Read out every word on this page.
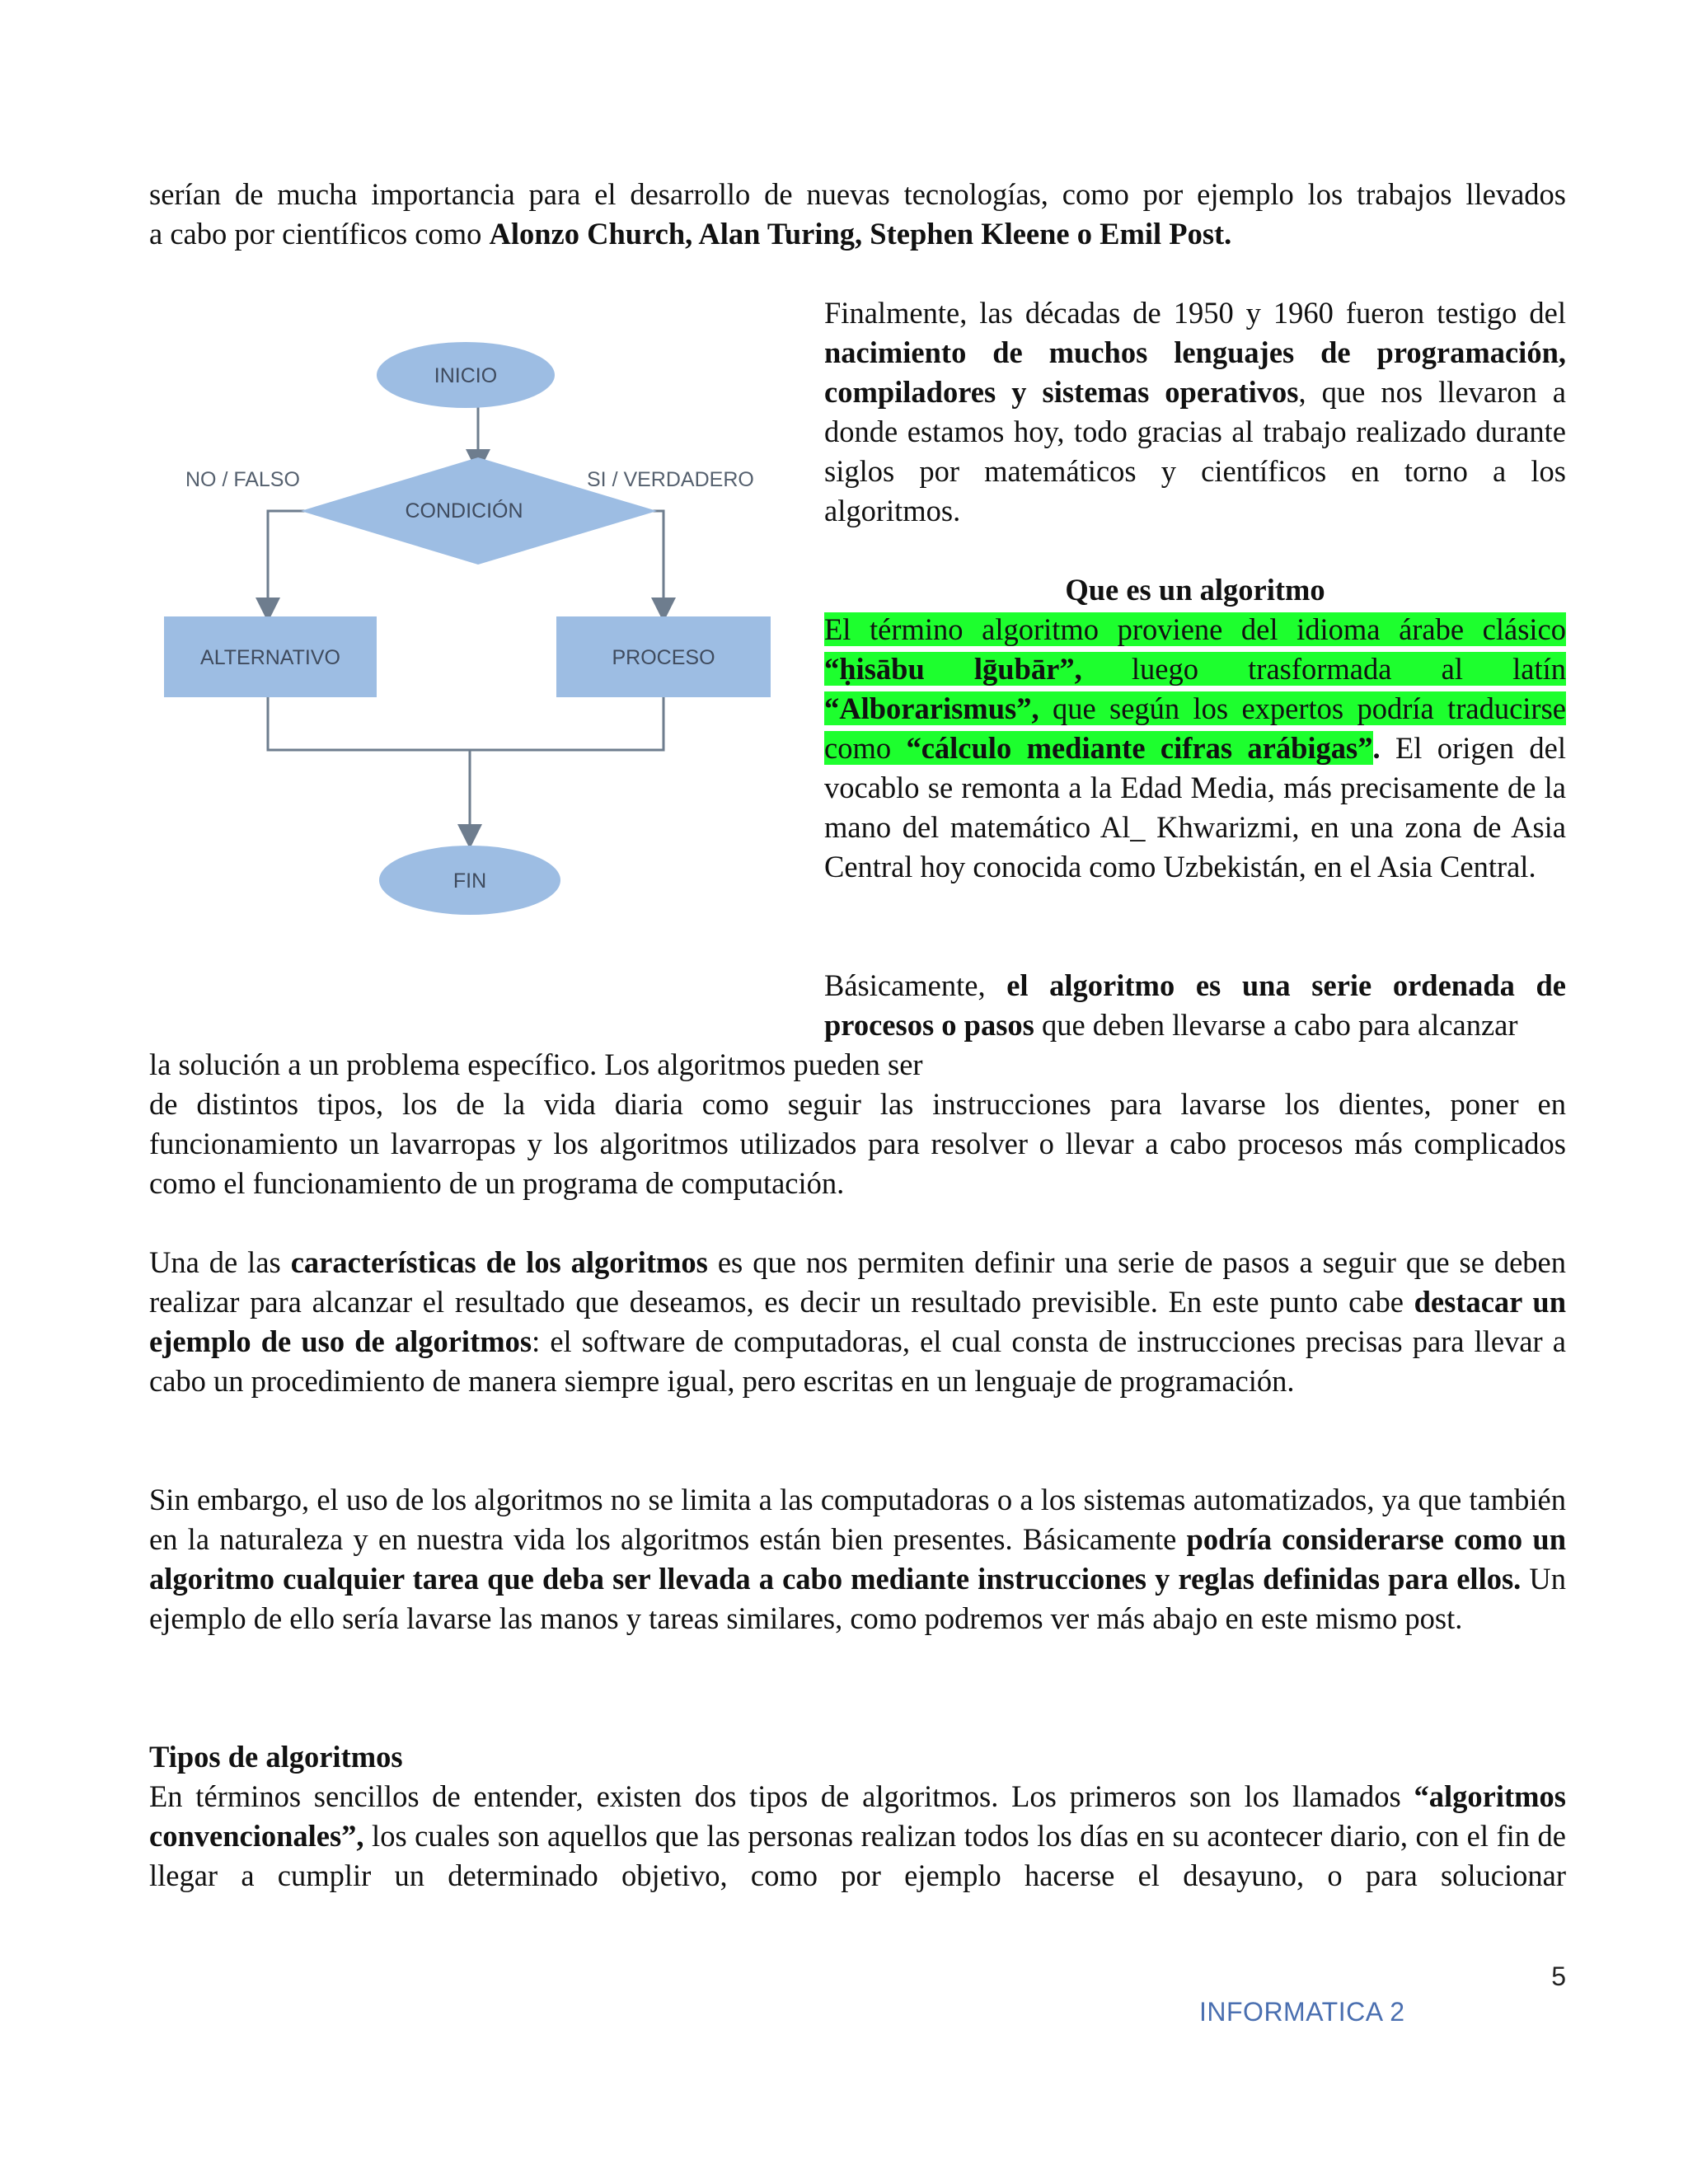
serían de mucha importancia para el desarrollo de nuevas tecnologías, como por ejemplo los trabajos llevados

a cabo por científicos como Alonzo Church, Alan Turing, Stephen Kleene o Emil Post.

INICIO
CONDICIÓN
NO / FALSO	SI / VERDADERO
ALTERNATIVO	PROCESO
FIN

Finalmente, las décadas de 1950 y 1960 fueron testigo del nacimiento de muchos lenguajes de programación, compiladores y sistemas operativos, que nos llevaron a donde estamos hoy, todo gracias al trabajo realizado durante siglos por matemáticos y científicos en torno a los algoritmos.

Que es un algoritmo

El término algoritmo proviene del idioma árabe clásico “ḥisābu lḡubār”, luego trasformada al latín “Alborarismus”, que según los expertos podría traducirse como “cálculo mediante cifras arábigas”. El origen del vocablo se remonta a la Edad Media, más precisamente de la mano del matemático Al_ Khwarizmi, en una zona de Asia Central hoy conocida como Uzbekistán, en el Asia Central.

Básicamente, el algoritmo es una serie ordenada de procesos o pasos que deben llevarse a cabo para alcanzar

la solución a un problema específico. Los algoritmos pueden ser

de distintos tipos, los de la vida diaria como seguir las instrucciones para lavarse los dientes, poner en funcionamiento un lavarropas y los algoritmos utilizados para resolver o llevar a cabo procesos más complicados como el funcionamiento de un programa de computación.

Una de las características de los algoritmos es que nos permiten definir una serie de pasos a seguir que se deben realizar para alcanzar el resultado que deseamos, es decir un resultado previsible. En este punto cabe destacar un ejemplo de uso de algoritmos: el software de computadoras, el cual consta de instrucciones precisas para llevar a cabo un procedimiento de manera siempre igual, pero escritas en un lenguaje de programación.

Sin embargo, el uso de los algoritmos no se limita a las computadoras o a los sistemas automatizados, ya que también en la naturaleza y en nuestra vida los algoritmos están bien presentes. Básicamente podría considerarse como un algoritmo cualquier tarea que deba ser llevada a cabo mediante instrucciones y reglas definidas para ellos. Un ejemplo de ello sería lavarse las manos y tareas similares, como podremos ver más abajo en este mismo post.

Tipos de algoritmos

En términos sencillos de entender, existen dos tipos de algoritmos. Los primeros son los llamados “algoritmos convencionales”, los cuales son aquellos que las personas realizan todos los días en su acontecer diario, con el fin de llegar a cumplir un determinado objetivo, como por ejemplo hacerse el desayuno, o para solucionar

5
INFORMATICA 2
